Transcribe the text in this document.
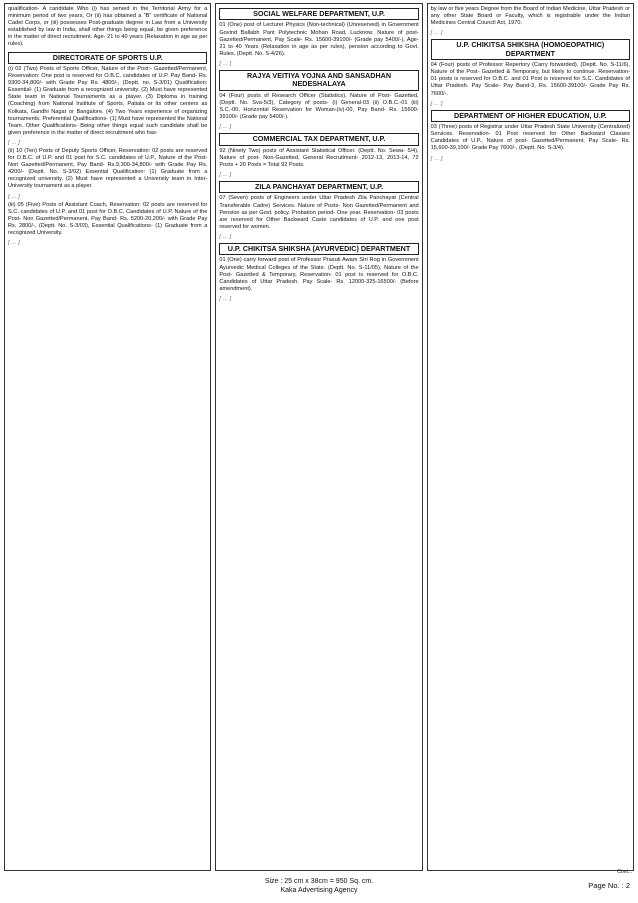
qualification- A candidate Who (i) has served in the Territorial Army for a minimum period of two years, Or (ii) has obtained a "B" certificate of National Cadet Corps, or (iii) possesses Post-graduate degree in Law from a University established by law in India, shall other things being equal, be given preference in the matter of direct recruitment. Age- 21 to 40 years (Relaxation in age as per rules).

DIRECTORATE OF SPORTS U.P.

(i) 02 (Two) Posts of Sports Officer, Nature of the Post:- Gazetted/Permanent, Reservation: One post is reserved for O.B.C. candidates of U.P. Pay Band- Rs. 9300-34,800/- with Grade Pay Rs. 4800/-, (Deptt. no. S-3/01) Qualification: Essential- (1) Graduate from a recognized university. (2) Must have represented State team in National Tournaments as a player. (3) Diploma in training (Coaching) from National Institute of Sports, Patiala or its other centers as Kolkata, Gandhi Nagar or Bangalore. (4) Two Years experience of organizing tournaments. Preferential Qualifications- (1) Must have represented the National Team. Other Qualifications- Being other things equal such candidate shall be given preference in the matter of direct recruitment who has-

[ … ]

(ii) 10 (Ten) Posts of Deputy Sports Officer, Reservation: 02 posts are reserved for O.B.C. of U.P. and 01 post for S.C. candidates of U.P., Nature of the Post- Non Gazetted/Permanent, Pay Band- Rs.9,300-34,800/- with Grade Pay Rs. 4200/- (Deptt. No. S-3/02) Essential Qualification: (1) Graduate from a recognized university. (2) Must have represented a University team in Inter-University tournament as a player.

[ … ]

(iii) 05 (Five) Posts of Assistant Coach, Reservation: 02 posts are reserved for S.C. candidates of U.P. and 01 post for O.B.C. Candidates of U.P. Nature of the Post- Non Gazetted/Permanent, Pay Band- Rs. 5200-20,200/- with Grade Pay Rs. 2800/-, (Deptt. No. S-3/03), Essential Qualifications- (1) Graduate from a recognized University.

[ … ]
SOCIAL WELFARE DEPARTMENT, U.P.

01 (One) post of Lecturer Physics (Non-technical) (Unreserved) in Government Govind Ballabh Pant Polytechnic Mohan Road, Lucknow. Nature of post- Gazetted/Permanent, Pay Scale- Rs. 15600-39100/- (Grade pay 5400/-), Age- 21 to 40 Years (Relaxation in age as per rules), pension according to Govt. Rules, (Deptt. No. S-4/26).

[ … ]
RAJYA VEITIYA YOJNA AND SANSADHAN NEDESHALAYA

04 (Four) posts of Research Officer (Statistics), Nature of Post- Gazetted, (Deptt. No. Sva-5/3), Category of posts- (i) General-03 (ii) O.B.C.-01 (iii) S.C.-00, Horizontal Reservation for Woman-(iv)-00, Pay Band- Rs. 15600-39100/- (Grade pay 5400/-).

[ … ]
COMMERCIAL TAX DEPARTMENT, U.P.

92 (Ninety Two) posts of Assistant Statistical Officer. (Deptt. No. Sewa- 5/4), Nature of post- Non-Gazetted, General Recruitment- 2012-13, 2013-14, 72 Posts + 20 Posts = Total 92 Posts.

[ … ]
ZILA PANCHAYAT DEPARTMENT, U.P.

07 (Seven) posts of Engineers under Uttar Pradesh Zila Panchayat (Central Transferable Cadre) Services. Nature of Posts- Non Gazetted/Permanent and Pension as per Govt. policy. Probation period- One year. Reservation- 03 posts are reserved for Other Backward Caste candidates of U.P. and one post reserved for women.

[ … ]
U.P. CHIKITSA SHIKSHA (AYURVEDIC) DEPARTMENT

01 (One) carry forward post of Professor Prasuti Awam Stri Rog in Government Ayurvedic Medical Colleges of the State. (Deptt. No. S-11/05), Nature of the Post- Gazetted & Temporary, Reservation- 01 post is reserved for O.B.C. Candidates of Uttar Pradesh. Pay Scale- Rs. 12000-325-16500/- (Before amendment).

[ … ]

by law or five years Degree from the Board of Indian Medicine, Uttar Pradesh or any other State Board or Faculty, which is registrable under the Indian Medicines Central Council Act, 1970.

[ … ]
U.P. CHIKITSA SHIKSHA (HOMOEOPATHIC) DEPARTMENT

04 (Four) posts of Professor Repertory (Carry forwarded). (Deptt. No. S-11/6), Nature of the Post- Gazetted & Temporary, but likely to continue. Reservation- 01 posts is reserved for O.B.C. and 01 Post is reserved for S.C. Candidates of Uttar Pradesh. Pay Scale- Pay Band-3, Rs. 15600-39100/- Grade Pay Rs. 7600/-.

[ … ]
DEPARTMENT OF HIGHER EDUCATION, U.P.

03 (Three) posts of Registrar under Uttar Pradesh State University (Centralized) Services. Reservation- 01 Post reserved for Other Backward Classes Candidates of U.P., Nature of post- Gazetted/Permanent, Pay Scale- Rs. 15,600-39,100/- Grade Pay 7600/-, (Deptt. No. S-3/4).

[ … ]
Size : 25 cm x 38cm = 950 Sq. cm.
Kaka Advertising Agency
Page No. : 2
Cont...
